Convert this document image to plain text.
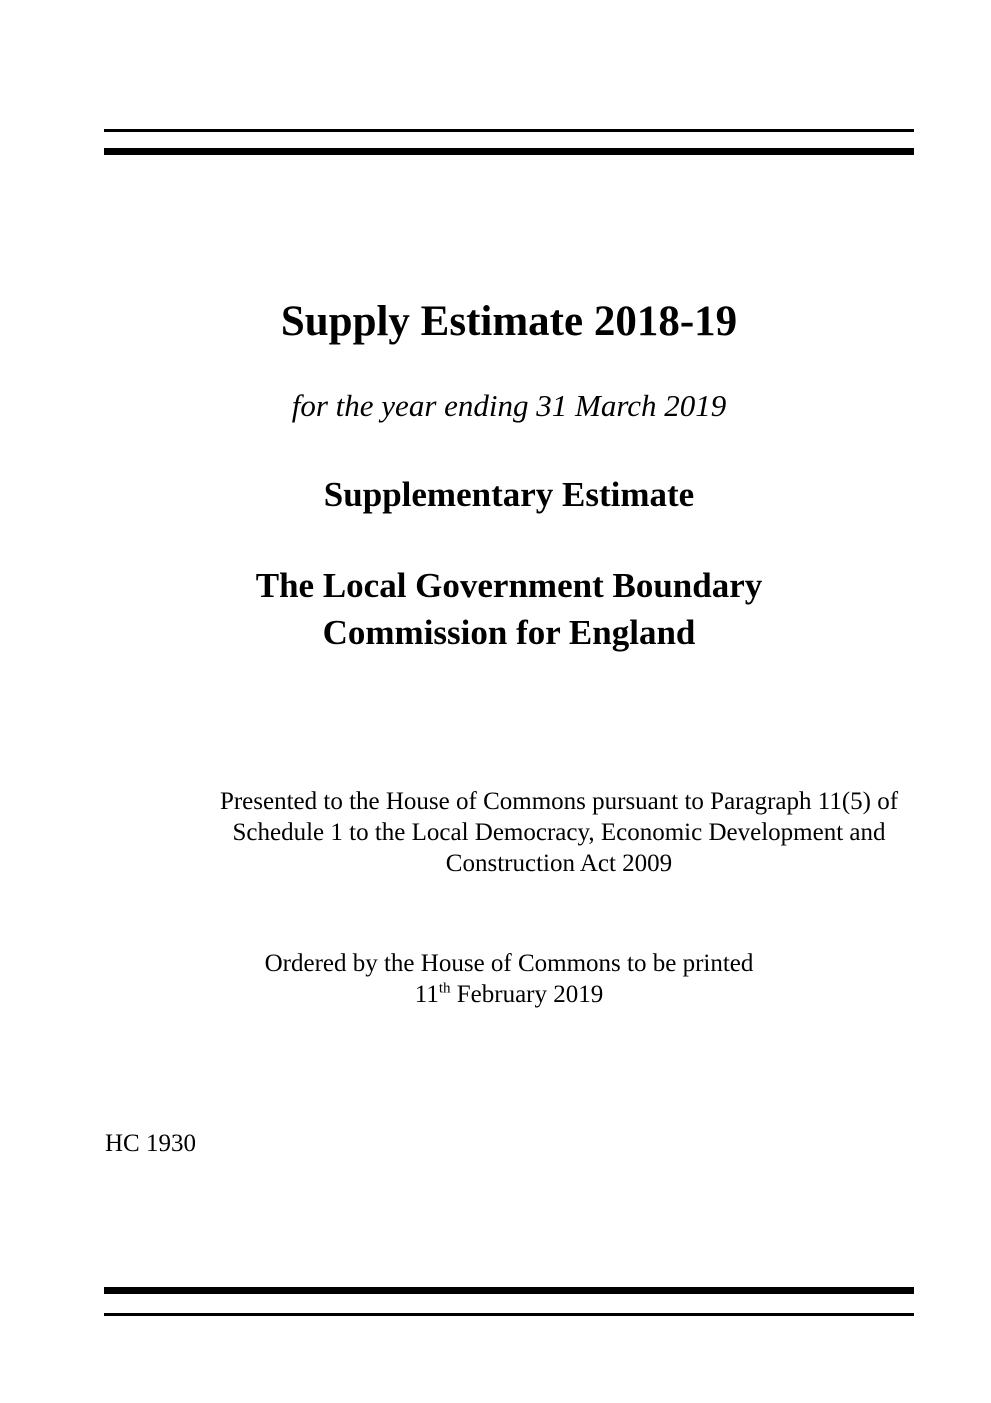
Supply Estimate 2018-19
for the year ending 31 March 2019
Supplementary Estimate
The Local Government Boundary
Commission for England
Presented to the House of Commons pursuant to Paragraph 11(5) of
Schedule 1 to the Local Democracy, Economic Development and
Construction Act 2009
Ordered by the House of Commons to be printed
11th February 2019
HC 1930
